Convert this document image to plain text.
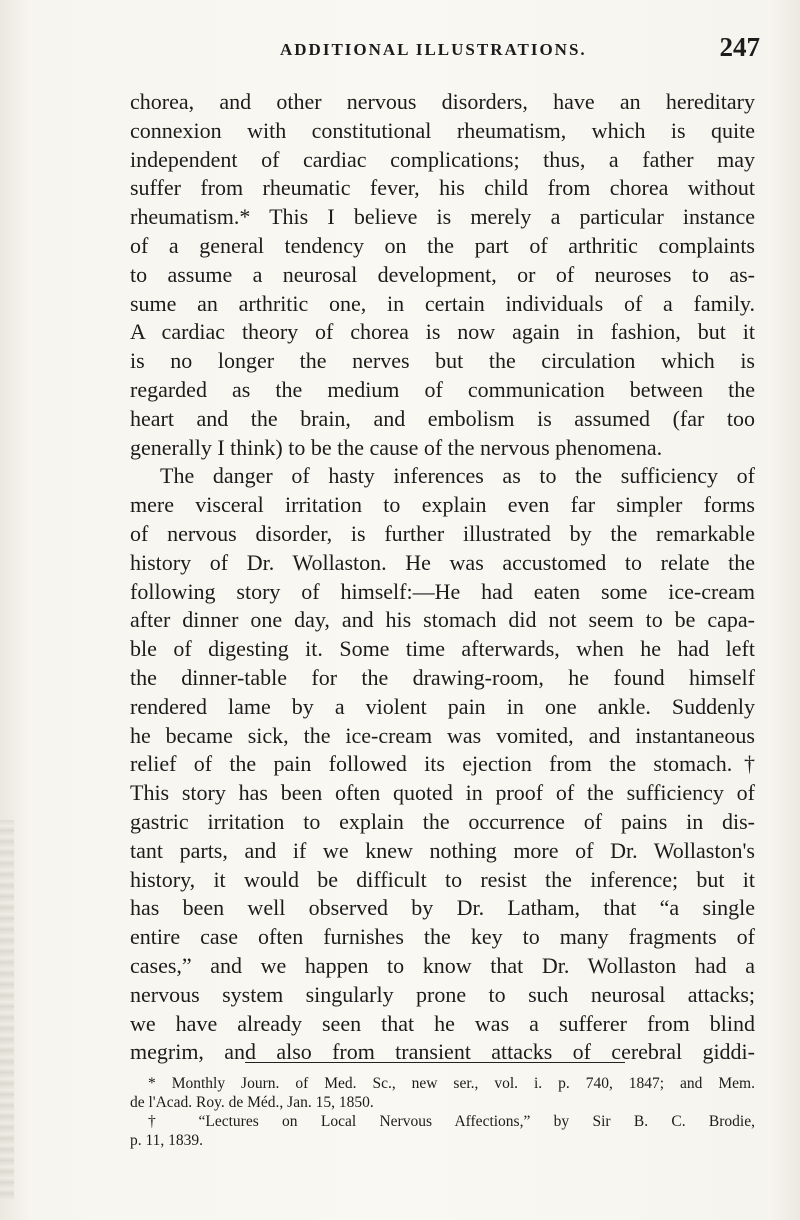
ADDITIONAL ILLUSTRATIONS.	247
chorea, and other nervous disorders, have an hereditary
connexion with constitutional rheumatism, which is quite
independent of cardiac complications; thus, a father may
suffer from rheumatic fever, his child from chorea without
rheumatism.* This I believe is merely a particular instance
of a general tendency on the part of arthritic complaints
to assume a neurosal development, or of neuroses to as-
sume an arthritic one, in certain individuals of a family.
A cardiac theory of chorea is now again in fashion, but it
is no longer the nerves but the circulation which is
regarded as the medium of communication between the
heart and the brain, and embolism is assumed (far too
generally I think) to be the cause of the nervous phenomena.
The danger of hasty inferences as to the sufficiency of
mere visceral irritation to explain even far simpler forms
of nervous disorder, is further illustrated by the remarkable
history of Dr. Wollaston. He was accustomed to relate the
following story of himself:—He had eaten some ice-cream
after dinner one day, and his stomach did not seem to be capa-
ble of digesting it. Some time afterwards, when he had left
the dinner-table for the drawing-room, he found himself
rendered lame by a violent pain in one ankle. Suddenly
he became sick, the ice-cream was vomited, and instantaneous
relief of the pain followed its ejection from the stomach.†
This story has been often quoted in proof of the sufficiency of
gastric irritation to explain the occurrence of pains in dis-
tant parts, and if we knew nothing more of Dr. Wollaston's
history, it would be difficult to resist the inference; but it
has been well observed by Dr. Latham, that “a single
entire case often furnishes the key to many fragments of
cases,” and we happen to know that Dr. Wollaston had a
nervous system singularly prone to such neurosal attacks;
we have already seen that he was a sufferer from blind
megrim, and also from transient attacks of cerebral giddi-
* Monthly Journ. of Med. Sc., new ser., vol. i. p. 740, 1847; and Mem.
de l'Acad. Roy. de Méd., Jan. 15, 1850.
† “Lectures on Local Nervous Affections,” by Sir B. C. Brodie,
p. 11, 1839.
